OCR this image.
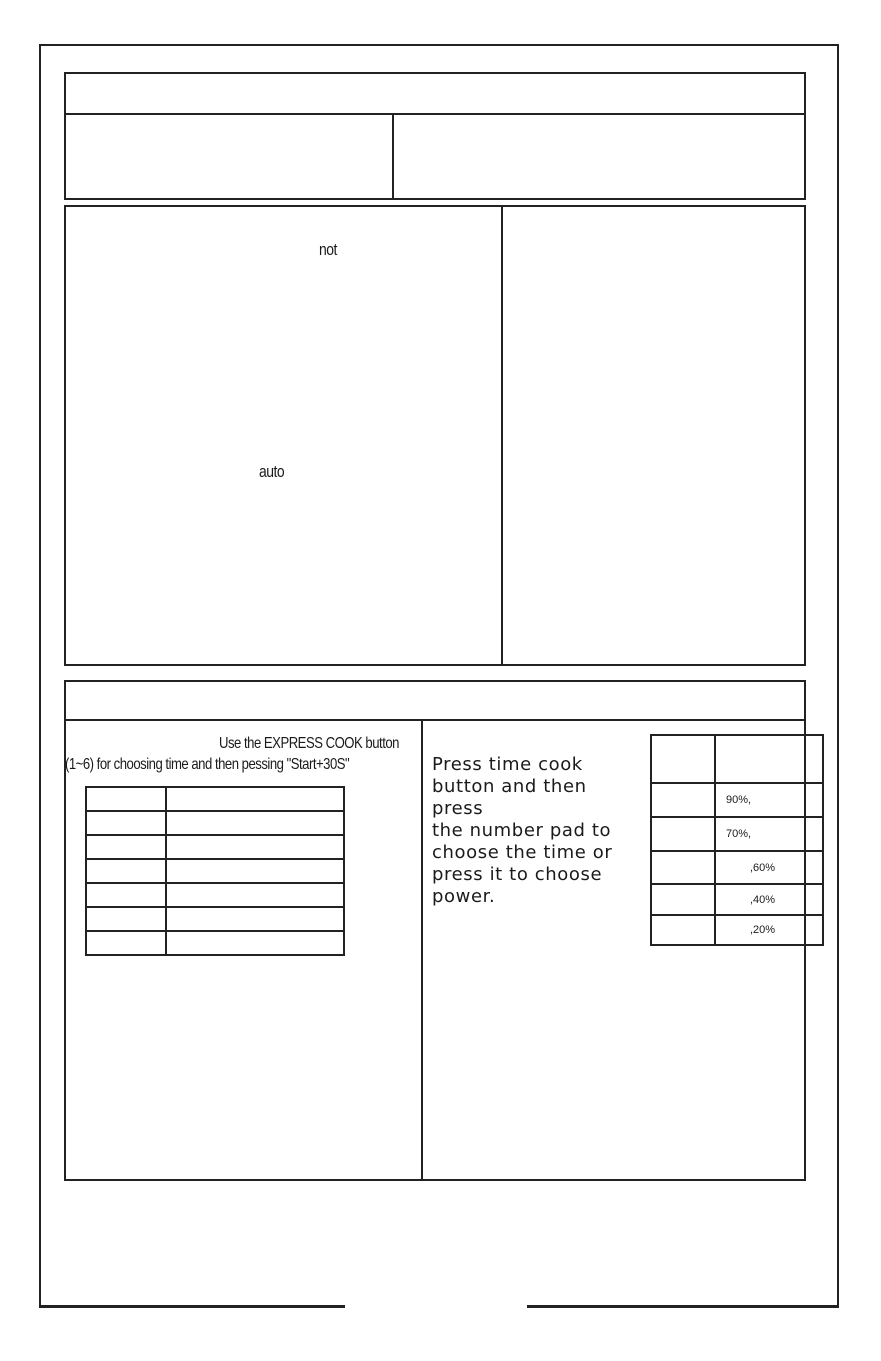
not
auto
Use the EXPRESS COOK button
(1~6) for choosing time and then pessing "Start+30S"

		Press time cook
button and then press
the number pad to
choose the time or
press it to choose
power.

	90%,
	70%,
	,60%
	,40%
	,20%
